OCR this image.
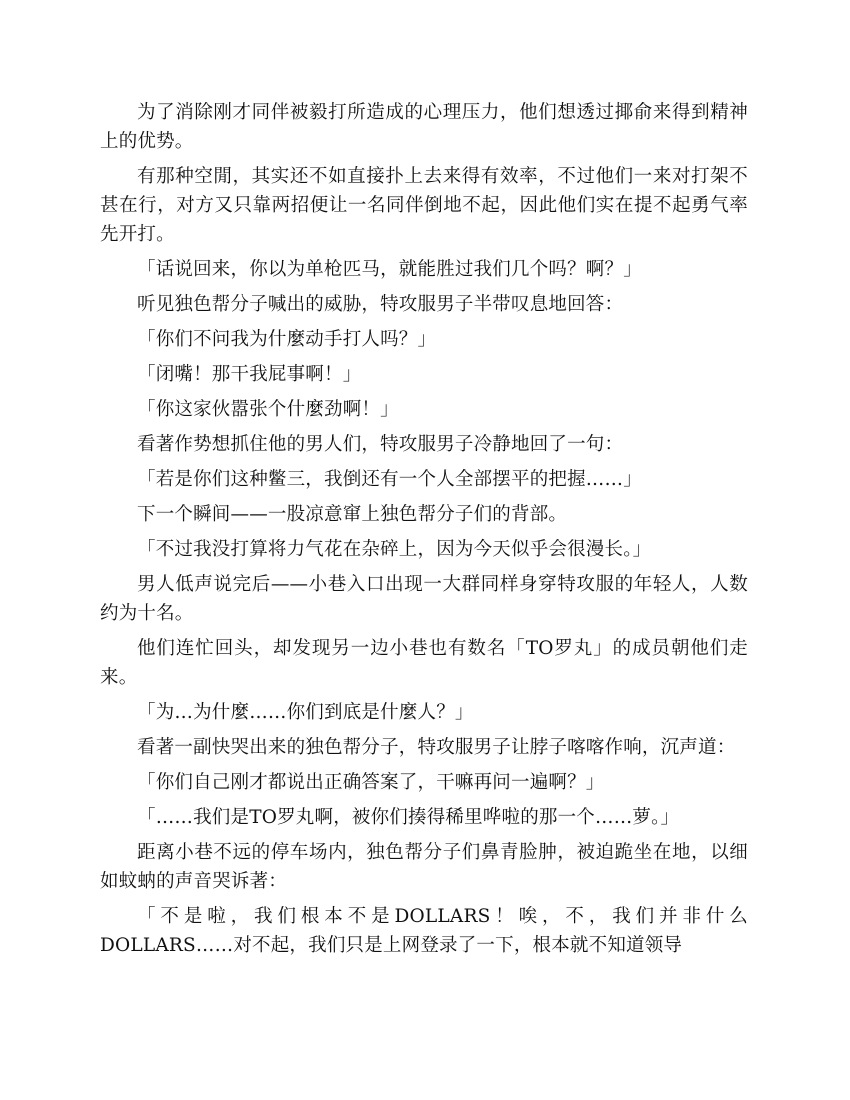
为了消除刚才同伴被毅打所造成的心理压力，他们想透过揶俞来得到精神上的优势。

有那种空閒，其实还不如直接扑上去来得有效率，不过他们一来对打架不甚在行，对方又只靠两招便让一名同伴倒地不起，因此他们实在提不起勇气率先开打。

「话说回来，你以为单枪匹马，就能胜过我们几个吗？啊？」

听见独色帮分子喊出的威胁，特攻服男子半带叹息地回答：

「你们不问我为什麼动手打人吗？」

「闭嘴！那干我屁事啊！」

「你这家伙嚣张个什麼劲啊！」

看著作势想抓住他的男人们，特攻服男子冷静地回了一句：

「若是你们这种鳖三，我倒还有一个人全部摆平的把握……」

下一个瞬间——一股凉意窜上独色帮分子们的背部。

「不过我没打算将力气花在杂碎上，因为今天似乎会很漫长。」

男人低声说完后——小巷入口出现一大群同样身穿特攻服的年轻人，人数约为十名。

他们连忙回头，却发现另一边小巷也有数名「TO罗丸」的成员朝他们走来。

「为…为什麼……你们到底是什麼人？」

看著一副快哭出来的独色帮分子，特攻服男子让脖子喀喀作响，沉声道：

「你们自己刚才都说出正确答案了，干嘛再问一遍啊？」

「……我们是TO罗丸啊，被你们揍得稀里哗啦的那一个……萝。」

距离小巷不远的停车场内，独色帮分子们鼻青脸肿，被迫跪坐在地，以细如蚊蚋的声音哭诉著：

「不是啦，我们根本不是DOLLARS！唉，不，我们并非什么DOLLARS……对不起，我们只是上网登录了一下，根本就不知道领导
